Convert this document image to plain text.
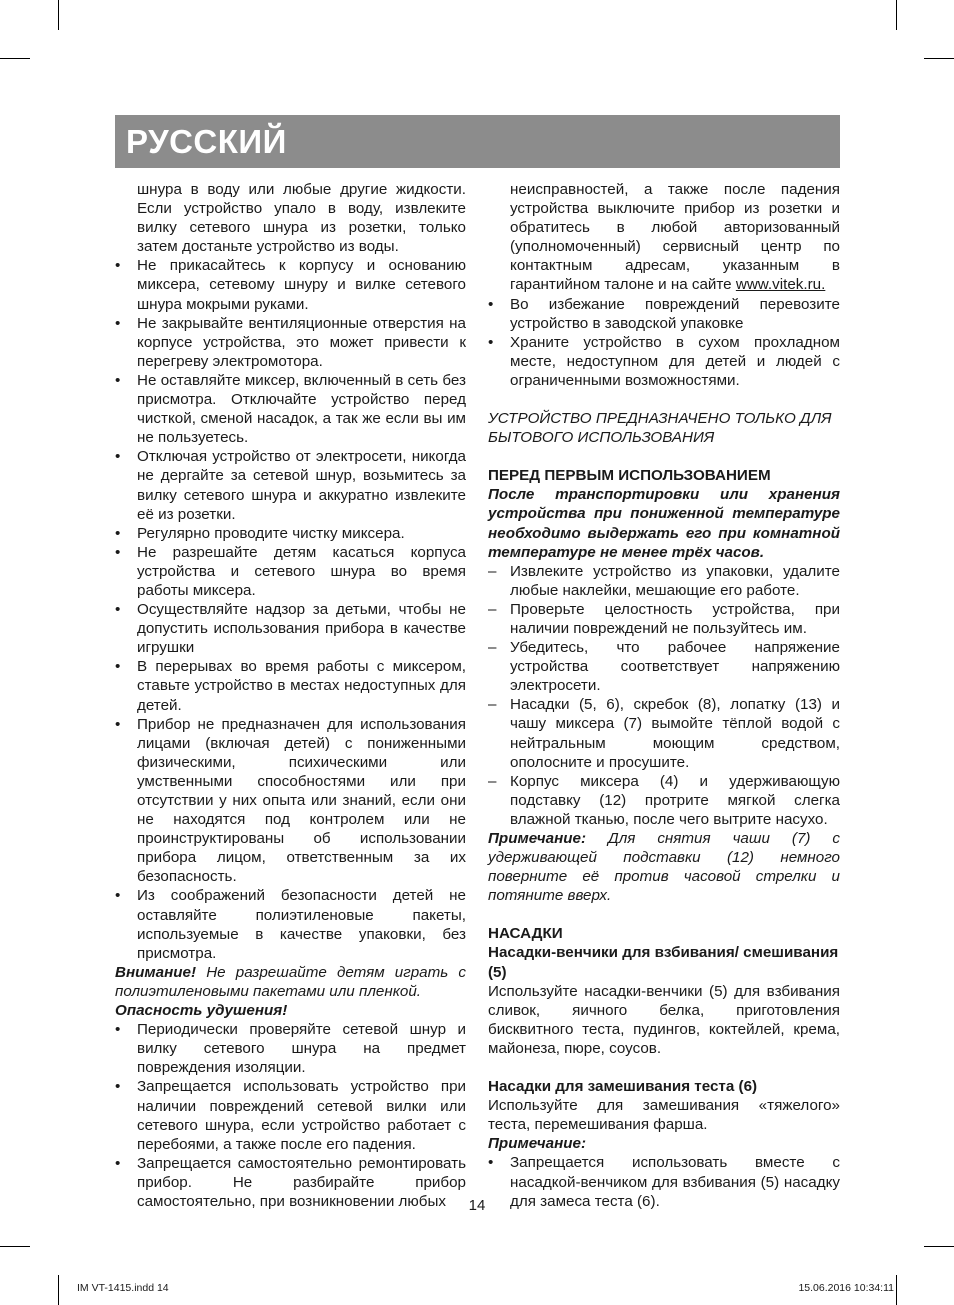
РУССКИЙ
шнура в воду или любые другие жидкости. Если устройство упало в воду, извлеките вилку сетевого шнура из розетки, только затем достаньте устройство из воды.
•	Не прикасайтесь к корпусу и основанию миксера, сетевому шнуру и вилке сетевого шнура мокрыми руками.
•	Не закрывайте вентиляционные отверстия на корпусе устройства, это может привести к перегреву электромотора.
•	Не оставляйте миксер, включенный в сеть без присмотра. Отключайте устройство перед чисткой, сменой насадок, а так же если вы им не пользуетесь.
•	Отключая устройство от электросети, никогда не дергайте за сетевой шнур, возьмитесь за вилку сетевого шнура и аккуратно извлеките её из розетки.
•	Регулярно проводите чистку миксера.
•	Не разрешайте детям касаться корпуса устройства и сетевого шнура во время работы миксера.
•	Осуществляйте надзор за детьми, чтобы не допустить использования прибора в качестве игрушки
•	В перерывах во время работы с миксером, ставьте устройство в местах недоступных для детей.
•	Прибор не предназначен для использования лицами (включая детей) с пониженными физическими, психическими или умственными способностями или при отсутствии у них опыта или знаний, если они не находятся под контролем или не проинструктированы об использовании прибора лицом, ответственным за их безопасность.
•	Из соображений безопасности детей не оставляйте полиэтиленовые пакеты, используемые в качестве упаковки, без присмотра.
Внимание! Не разрешайте детям играть с полиэтиленовыми пакетами или пленкой.
Опасность удушения!
•	Периодически проверяйте сетевой шнур и вилку сетевого шнура на предмет повреждения изоляции.
•	Запрещается использовать устройство при наличии повреждений сетевой вилки или сетевого шнура, если устройство работает с перебоями, а также после его падения.
•	Запрещается самостоятельно ремонтировать прибор. Не разбирайте прибор самостоятельно, при возникновении любых
неисправностей, а также после падения устройства выключите прибор из розетки и обратитесь в любой авторизованный (уполномоченный) сервисный центр по контактным адресам, указанным в гарантийном талоне и на сайте www.vitek.ru.
•	Во избежание повреждений перевозите устройство в заводской упаковке
•	Храните устройство в сухом прохладном месте, недоступном для детей и людей с ограниченными возможностями.
УСТРОЙСТВО ПРЕДНАЗНАЧЕНО ТОЛЬКО ДЛЯ БЫТОВОГО ИСПОЛЬЗОВАНИЯ
ПЕРЕД ПЕРВЫМ ИСПОЛЬЗОВАНИЕМ
После транспортировки или хранения устройства при пониженной температуре необходимо выдержать его при комнатной температуре не менее трёх часов.
– Извлеките устройство из упаковки, удалите любые наклейки, мешающие его работе.
– Проверьте целостность устройства, при наличии повреждений не пользуйтесь им.
– Убедитесь, что рабочее напряжение устройства соответствует напряжению электросети.
– Насадки (5, 6), скребок (8), лопатку (13) и чашу миксера (7) вымойте тёплой водой с нейтральным моющим средством, ополосните и просушите.
– Корпус миксера (4) и удерживающую подставку (12) протрите мягкой слегка влажной тканью, после чего вытрите насухо.
Примечание: Для снятия чаши (7) с удерживающей подставки (12) немного поверните её против часовой стрелки и потяните вверх.
НАСАДКИ
Насадки-венчики для взбивания/ смешивания (5)
Используйте насадки-венчики (5) для взбивания сливок, яичного белка, приготовления бисквитного теста, пудингов, коктейлей, крема, майонеза, пюре, соусов.
Насадки для замешивания теста (6)
Используйте для замешивания «тяжелого» теста, перемешивания фарша.
Примечание:
•	Запрещается использовать вместе с насадкой-венчиком для взбивания (5) насадку для замеса теста (6).
14
IM VT-1415.indd 14	15.06.2016 10:34:11
